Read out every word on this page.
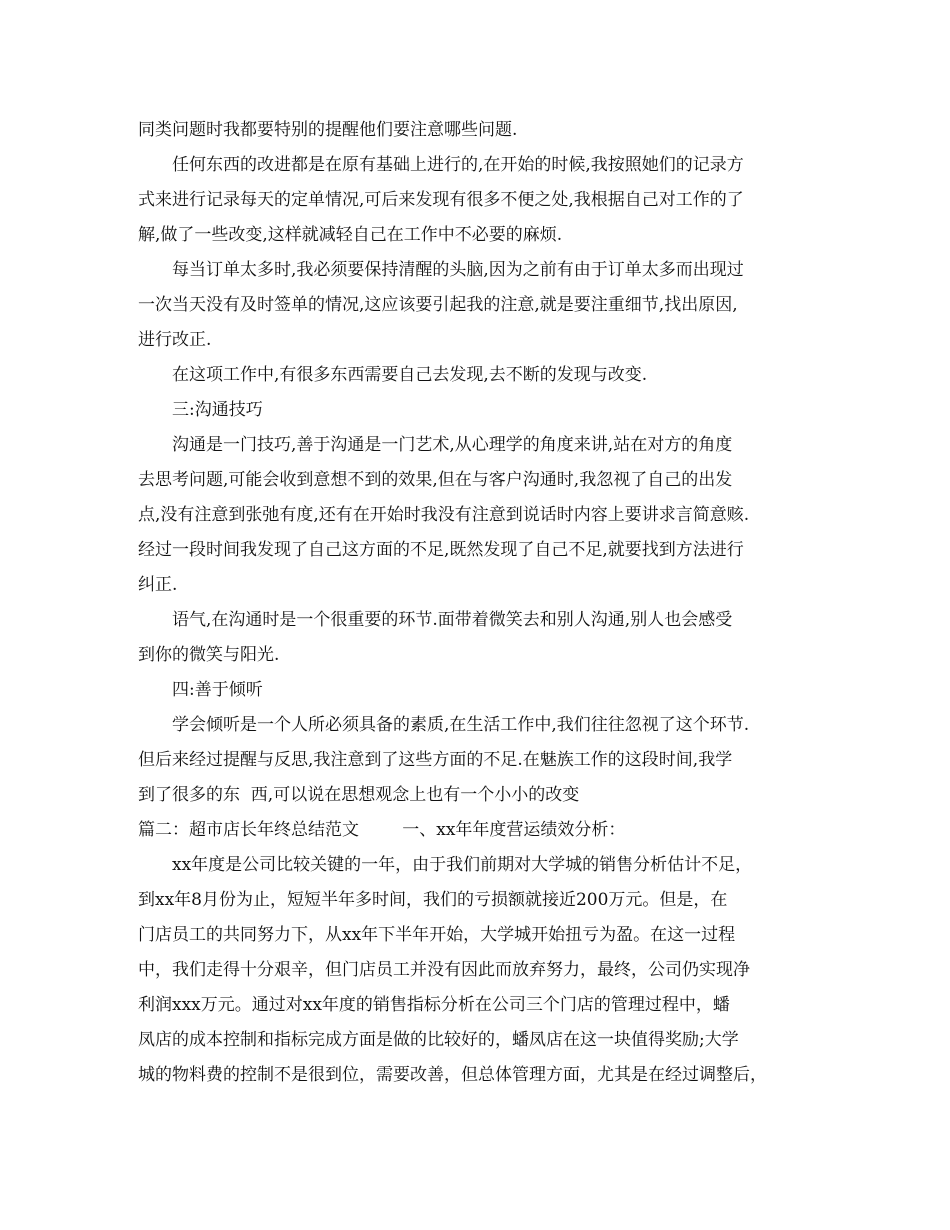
同类问题时我都要特别的提醒他们要注意哪些问题.
任何东西的改进都是在原有基础上进行的,在开始的时候,我按照她们的记录方
式来进行记录每天的定单情况,可后来发现有很多不便之处,我根据自己对工作的了
解,做了一些改变,这样就减轻自己在工作中不必要的麻烦.
每当订单太多时,我必须要保持清醒的头脑,因为之前有由于订单太多而出现过
一次当天没有及时签单的情况,这应该要引起我的注意,就是要注重细节,找出原因,
进行改正.
在这项工作中,有很多东西需要自己去发现,去不断的发现与改变.
三:沟通技巧
沟通是一门技巧,善于沟通是一门艺术,从心理学的角度来讲,站在对方的角度
去思考问题,可能会收到意想不到的效果,但在与客户沟通时,我忽视了自己的出发
点,没有注意到张弛有度,还有在开始时我没有注意到说话时内容上要讲求言简意赅.
经过一段时间我发现了自己这方面的不足,既然发现了自己不足,就要找到方法进行
纠正.
语气,在沟通时是一个很重要的环节.面带着微笑去和别人沟通,别人也会感受
到你的微笑与阳光.
四:善于倾听
学会倾听是一个人所必须具备的素质,在生活工作中,我们往往忽视了这个环节.
但后来经过提醒与反思,我注意到了这些方面的不足.在魅族工作的这段时间,我学
到了很多的东  西,可以说在思想观念上也有一个小小的改变
篇二：超市店长年终总结范文        一、xx年年度营运绩效分析：
xx年度是公司比较关键的一年，由于我们前期对大学城的销售分析估计不足，
到xx年8月份为止，短短半年多时间，我们的亏损额就接近200万元。但是，在
门店员工的共同努力下，从xx年下半年开始，大学城开始扭亏为盈。在这一过程
中，我们走得十分艰辛，但门店员工并没有因此而放弃努力，最终，公司仍实现净
利润xxx万元。通过对xx年度的销售指标分析在公司三个门店的管理过程中，蟠
凤店的成本控制和指标完成方面是做的比较好的，蟠凤店在这一块值得奖励;大学
城的物料费的控制不是很到位，需要改善，但总体管理方面，尤其是在经过调整后，
